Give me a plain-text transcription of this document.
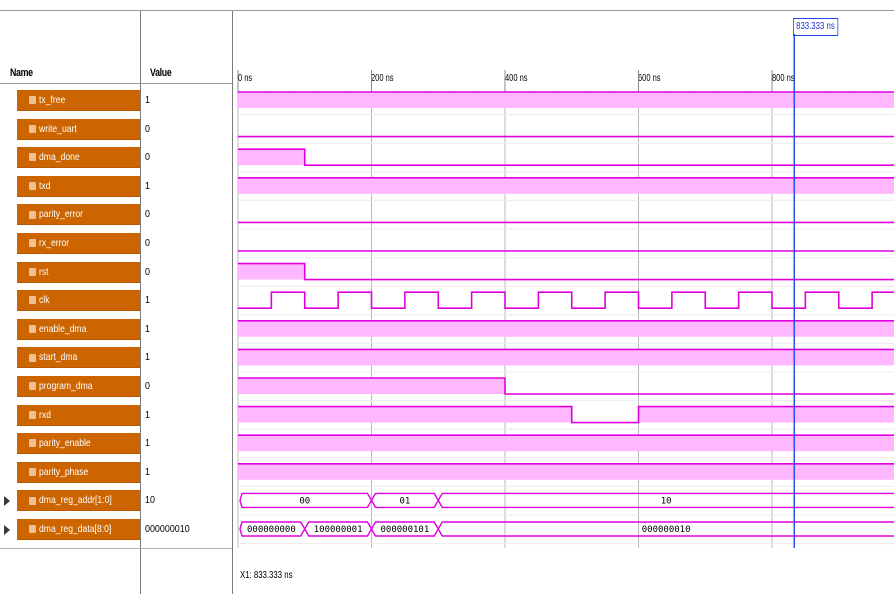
Name	Value	0 ns	200 ns	400 ns	600 ns	800 ns
833.333 ns
X1: 833.333 ns
00	01	10
000000000 100000001 000000101	000000010
tx_free	1
write_uart	0
dma_done	0
txd	1
parity_error	0
rx_error	0
rst	0
clk	1
enable_dma	1
start_dma	1
program_dma	0
rxd	1
parity_enable	1
parity_phase	1
dma_reg_addr[1:0]	10
dma_reg_data[8:0]	000000010
